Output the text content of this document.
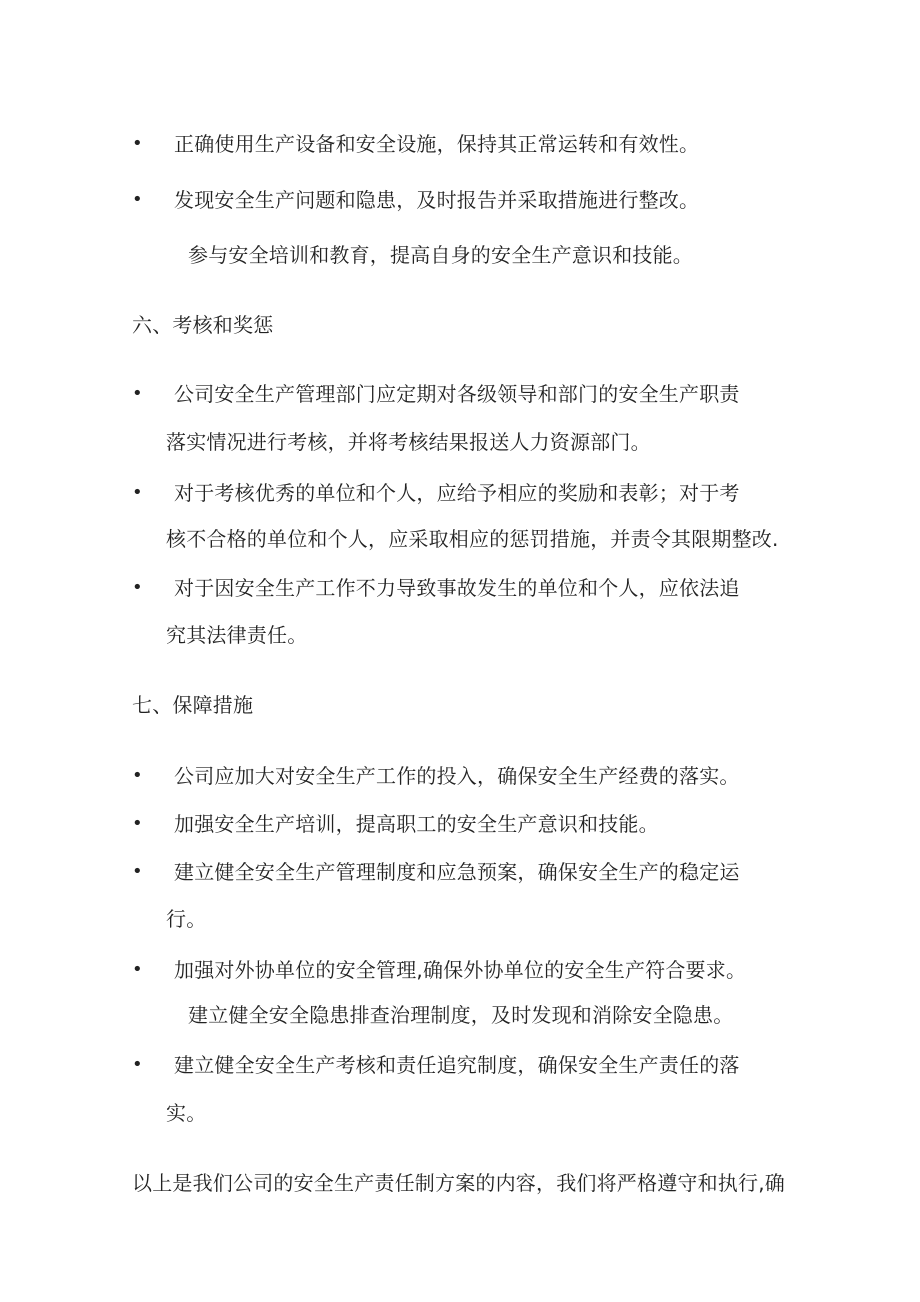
• 正确使用生产设备和安全设施，保持其正常运转和有效性。
• 发现安全生产问题和隐患，及时报告并采取措施进行整改。
参与安全培训和教育，提高自身的安全生产意识和技能。
六、考核和奖惩
• 公司安全生产管理部门应定期对各级领导和部门的安全生产职责
落实情况进行考核，并将考核结果报送人力资源部门。
• 对于考核优秀的单位和个人，应给予相应的奖励和表彰；对于考
核不合格的单位和个人，应采取相应的惩罚措施，并责令其限期整改.
• 对于因安全生产工作不力导致事故发生的单位和个人，应依法追
究其法律责任。
七、保障措施
• 公司应加大对安全生产工作的投入，确保安全生产经费的落实。
• 加强安全生产培训，提高职工的安全生产意识和技能。
• 建立健全安全生产管理制度和应急预案，确保安全生产的稳定运
行。
• 加强对外协单位的安全管理,确保外协单位的安全生产符合要求。
建立健全安全隐患排查治理制度，及时发现和消除安全隐患。
• 建立健全安全生产考核和责任追究制度，确保安全生产责任的落
实。
以上是我们公司的安全生产责任制方案的内容，我们将严格遵守和执行,确
